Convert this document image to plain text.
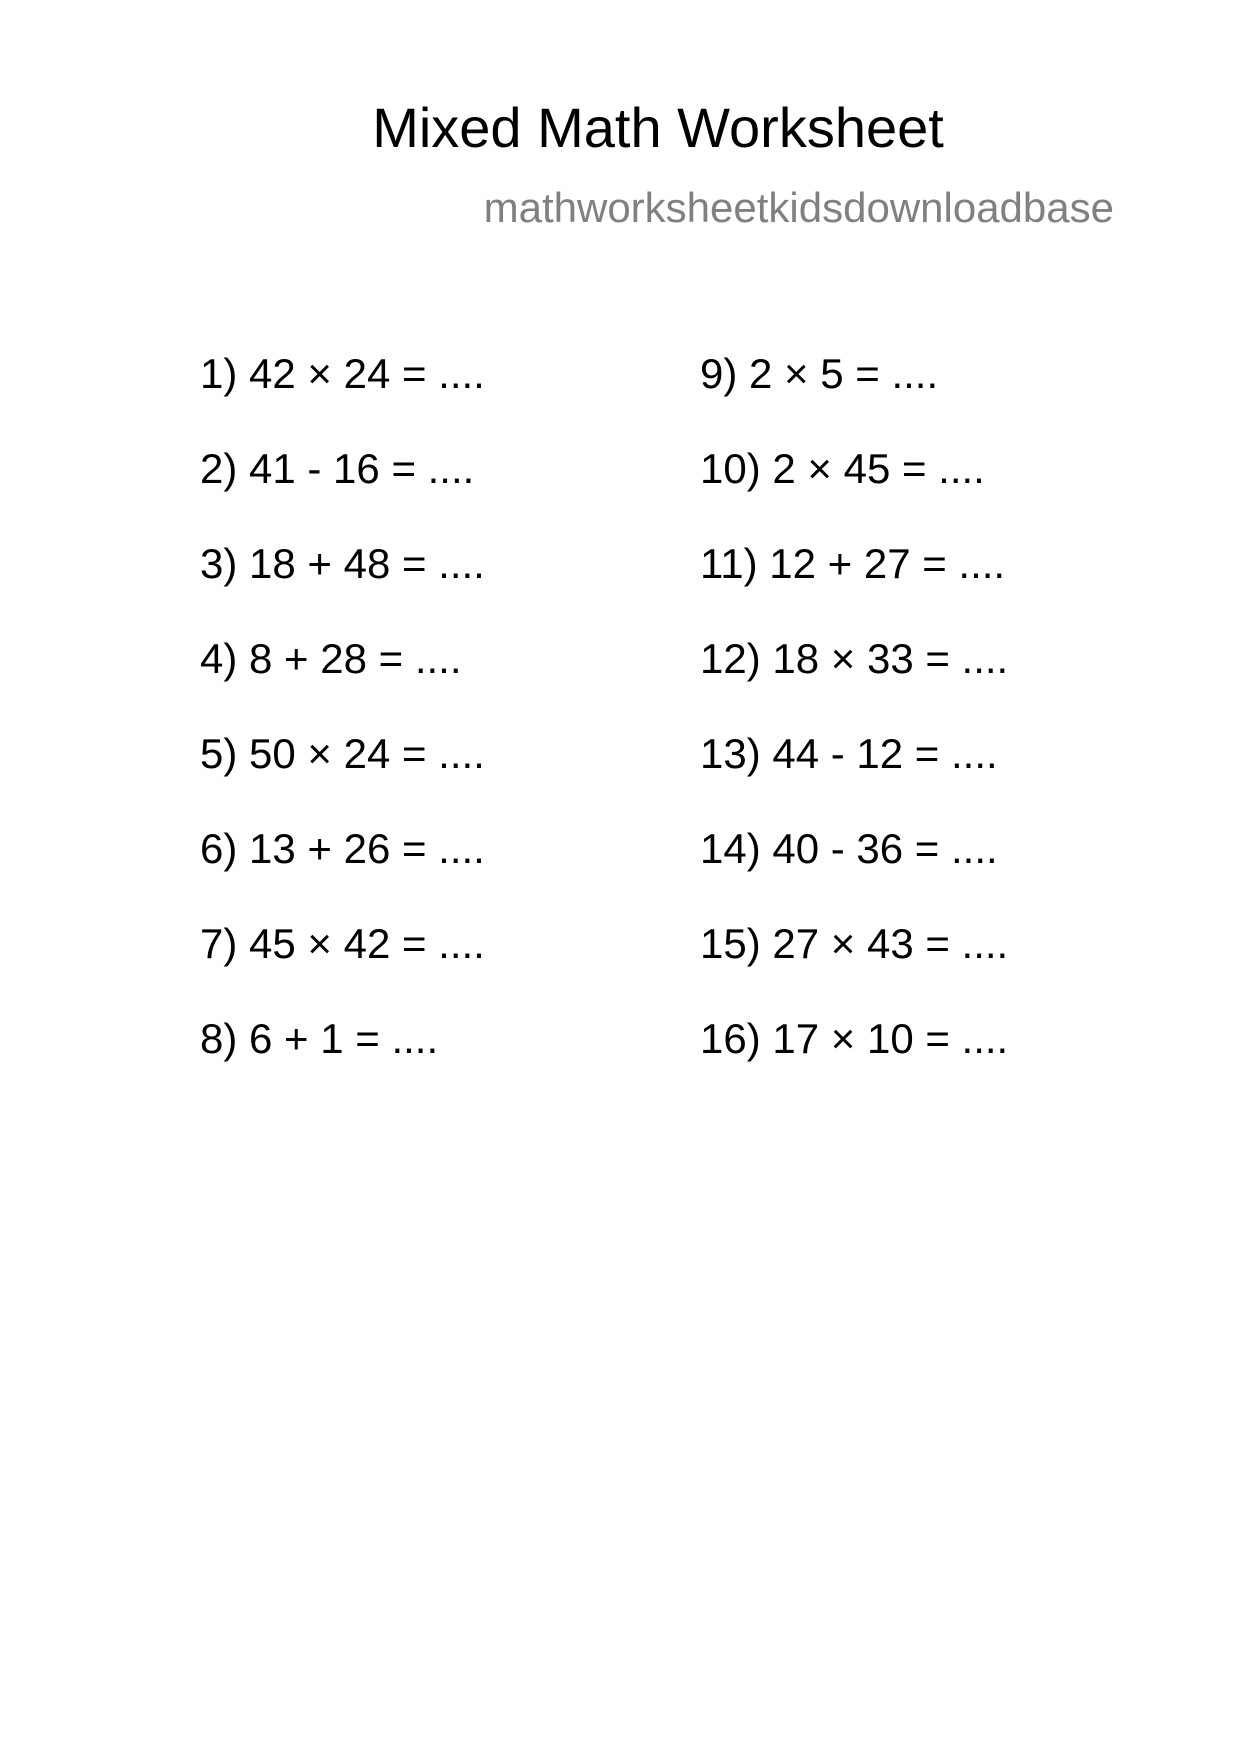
Mixed Math Worksheet
mathworksheetkidsdownloadbase
1) 42 × 24 = ....
2) 41 - 16 = ....
3) 18 + 48 = ....
4) 8 + 28 = ....
5) 50 × 24 = ....
6) 13 + 26 = ....
7) 45 × 42 = ....
8) 6 + 1 = ....
9) 2 × 5 = ....
10) 2 × 45 = ....
11) 12 + 27 = ....
12) 18 × 33 = ....
13) 44 - 12 = ....
14) 40 - 36 = ....
15) 27 × 43 = ....
16) 17 × 10 = ....
